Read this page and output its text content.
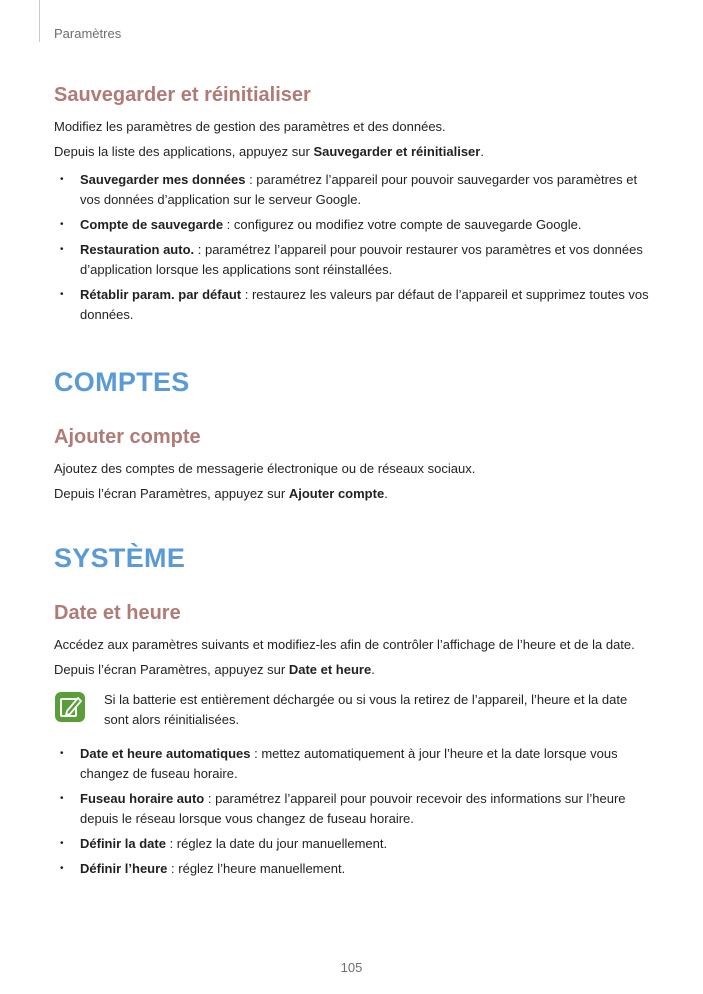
Paramètres
Sauvegarder et réinitialiser

Modifiez les paramètres de gestion des paramètres et des données.

Depuis la liste des applications, appuyez sur Sauvegarder et réinitialiser.

• Sauvegarder mes données : paramétrez l’appareil pour pouvoir sauvegarder vos paramètres et vos données d’application sur le serveur Google.
• Compte de sauvegarde : configurez ou modifiez votre compte de sauvegarde Google.
• Restauration auto. : paramétrez l’appareil pour pouvoir restaurer vos paramètres et vos données d’application lorsque les applications sont réinstallées.
• Rétablir param. par défaut : restaurez les valeurs par défaut de l’appareil et supprimez toutes vos données.
COMPTES
Ajouter compte

Ajoutez des comptes de messagerie électronique ou de réseaux sociaux.

Depuis l’écran Paramètres, appuyez sur Ajouter compte.

SYSTÈME
Date et heure

Accédez aux paramètres suivants et modifiez-les afin de contrôler l’affichage de l’heure et de la date.

Depuis l’écran Paramètres, appuyez sur Date et heure.

Si la batterie est entièrement déchargée ou si vous la retirez de l’appareil, l’heure et la date sont alors réinitialisées.
• Date et heure automatiques : mettez automatiquement à jour l’heure et la date lorsque vous changez de fuseau horaire.
• Fuseau horaire auto : paramétrez l’appareil pour pouvoir recevoir des informations sur l’heure depuis le réseau lorsque vous changez de fuseau horaire.
• Définir la date : réglez la date du jour manuellement.
• Définir l’heure : réglez l’heure manuellement.
105
